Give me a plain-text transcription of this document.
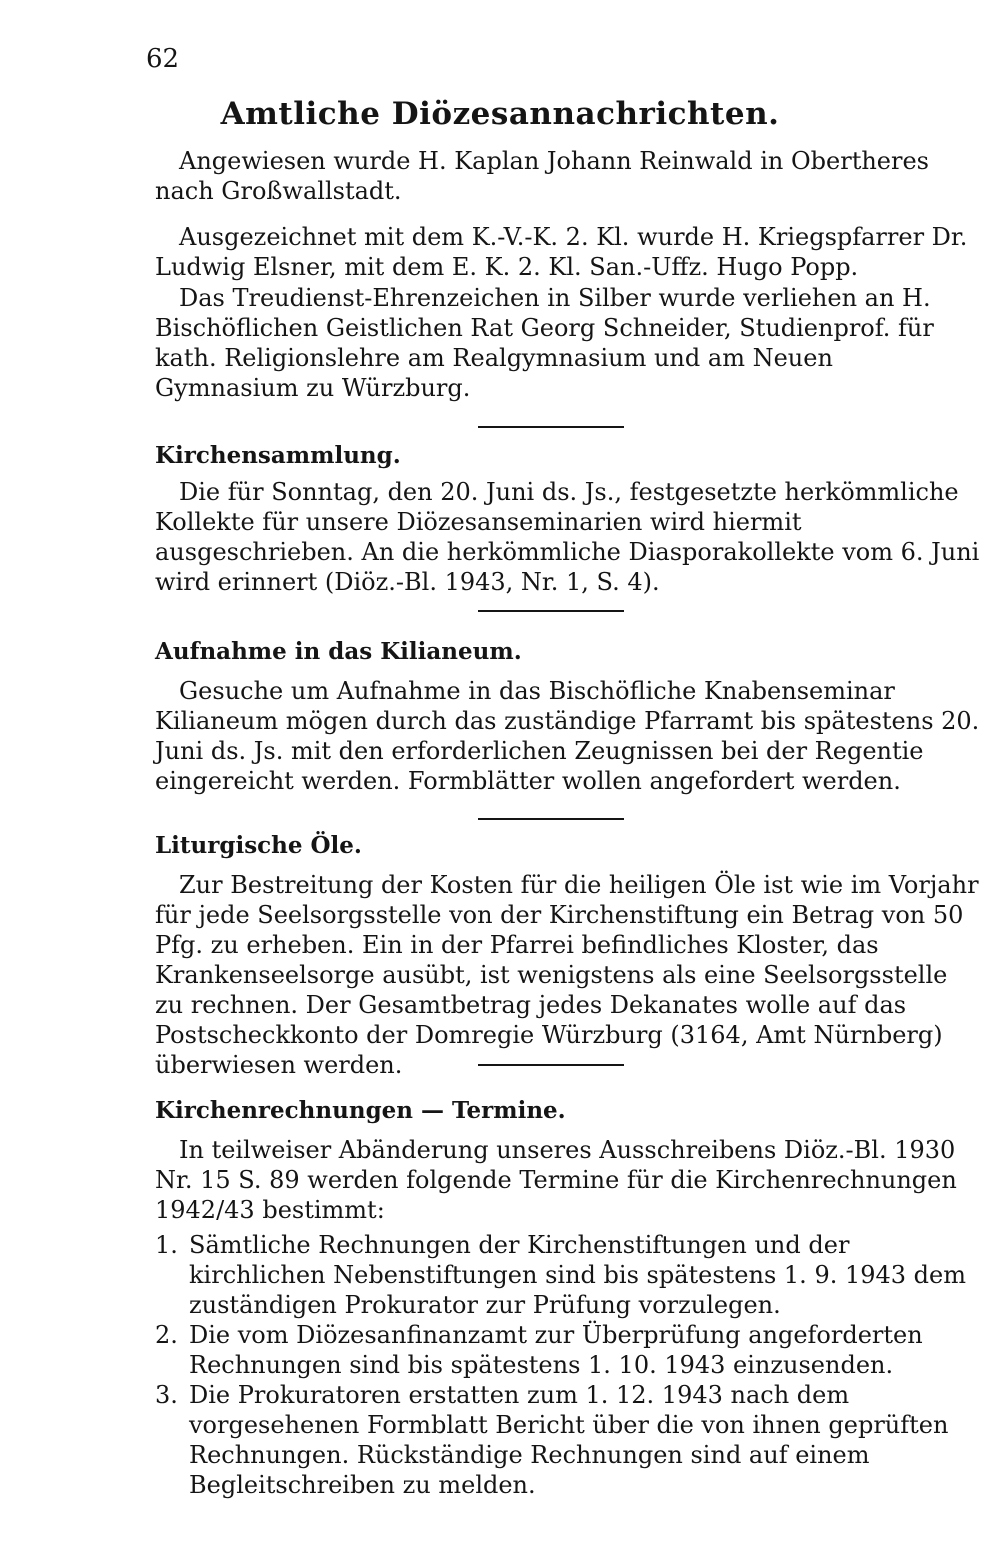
62
Amtliche Diözesannachrichten.

Angewiesen wurde H. Kaplan Johann Reinwald in Obertheres nach Großwallstadt.

Ausgezeichnet mit dem K.-V.-K. 2. Kl. wurde H. Kriegspfarrer Dr. Ludwig Elsner, mit dem E. K. 2. Kl. San.-Uffz. Hugo Popp.

Das Treudienst-Ehrenzeichen in Silber wurde verliehen an H. Bischöflichen Geistlichen Rat Georg Schneider, Studienprof. für kath. Religionslehre am Realgymnasium und am Neuen Gymnasium zu Würzburg.

Kirchensammlung.

Die für Sonntag, den 20. Juni ds. Js., festgesetzte herkömmliche Kollekte für unsere Diözesanseminarien wird hiermit ausgeschrieben. An die herkömmliche Diasporakollekte vom 6. Juni wird erinnert (Diöz.-Bl. 1943, Nr. 1, S. 4).

Aufnahme in das Kilianeum.

Gesuche um Aufnahme in das Bischöfliche Knabenseminar Kilianeum mögen durch das zuständige Pfarramt bis spätestens 20. Juni ds. Js. mit den erforderlichen Zeugnissen bei der Regentie eingereicht werden. Formblätter wollen angefordert werden.

Liturgische Öle.

Zur Bestreitung der Kosten für die heiligen Öle ist wie im Vorjahr für jede Seelsorgsstelle von der Kirchenstiftung ein Betrag von 50 Pfg. zu erheben. Ein in der Pfarrei befindliches Kloster, das Krankenseelsorge ausübt, ist wenigstens als eine Seelsorgsstelle zu rechnen. Der Gesamtbetrag jedes Dekanates wolle auf das Postscheckkonto der Domregie Würzburg (3164, Amt Nürnberg) überwiesen werden.

Kirchenrechnungen — Termine.

In teilweiser Abänderung unseres Ausschreibens Diöz.-Bl. 1930 Nr. 15 S. 89 werden folgende Termine für die Kirchenrechnungen 1942/43 bestimmt:

1. Sämtliche Rechnungen der Kirchenstiftungen und der kirchlichen Nebenstiftungen sind bis spätestens 1. 9. 1943 dem zuständigen Prokurator zur Prüfung vorzulegen.
2. Die vom Diözesanfinanzamt zur Überprüfung angeforderten Rechnungen sind bis spätestens 1. 10. 1943 einzusenden.
3. Die Prokuratoren erstatten zum 1. 12. 1943 nach dem vorgesehenen Formblatt Bericht über die von ihnen geprüften Rechnungen. Rückständige Rechnungen sind auf einem Begleitschreiben zu melden.
